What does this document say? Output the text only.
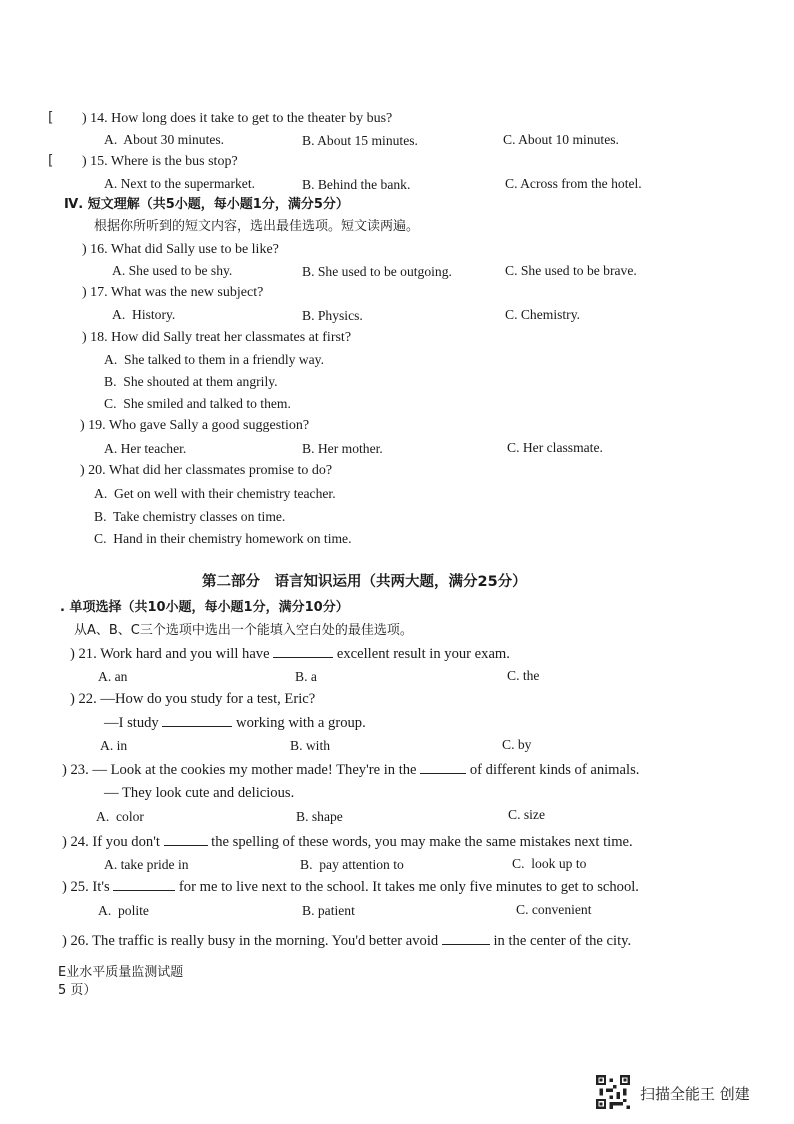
[ ) 14. How long does it take to get to the theater by bus?
A.  About 30 minutes.	B. About 15 minutes.	C. About 10 minutes.
[ ) 15. Where is the bus stop?
A. Next to the supermarket.	B. Behind the bank.	C. Across from the hotel.
Ⅳ. 短文理解（共5小题，每小题1分，满分5分）
根据你所听到的短文内容，选出最佳选项。短文读两遍。
) 16. What did Sally use to be like?
A. She used to be shy.	B. She used to be outgoing.	C. She used to be brave.
) 17. What was the new subject?
A.  History.	B. Physics.	C. Chemistry.
) 18. How did Sally treat her classmates at first?
A.  She talked to them in a friendly way.
B.  She shouted at them angrily.
C.  She smiled and talked to them.
) 19. Who gave Sally a good suggestion?
A. Her teacher.	B. Her mother.	C. Her classmate.
) 20. What did her classmates promise to do?
A.  Get on well with their chemistry teacher.
B.  Take chemistry classes on time.
C.  Hand in their chemistry homework on time.
第二部分　语言知识运用（共两大题，满分25分）
. 单项选择（共10小题，每小题1分，满分10分）
从A、B、C三个选项中选出一个能填入空白处的最佳选项。
) 21. Work hard and you will have	excellent result in your exam.
A. an	B. a	C. the
) 22. —How do you study for a test, Eric?
—I study	working with a group.
A. in	B. with	C. by
) 23. — Look at the cookies my mother made! They're in the	of different kinds of animals.
— They look cute and delicious.
A.  color	B. shape	C. size
) 24. If you don't	the spelling of these words, you may make the same mistakes next time.
A. take pride in	B.  pay attention to	C.  look up to
) 25. It's	for me to live next to the school. It takes me only five minutes to get to school.
A.  polite	B. patient	C. convenient
) 26. The traffic is really busy in the morning. You'd better avoid	in the center of the city.
E业水平质量监测试题
5 页）
扫描全能王 创建
